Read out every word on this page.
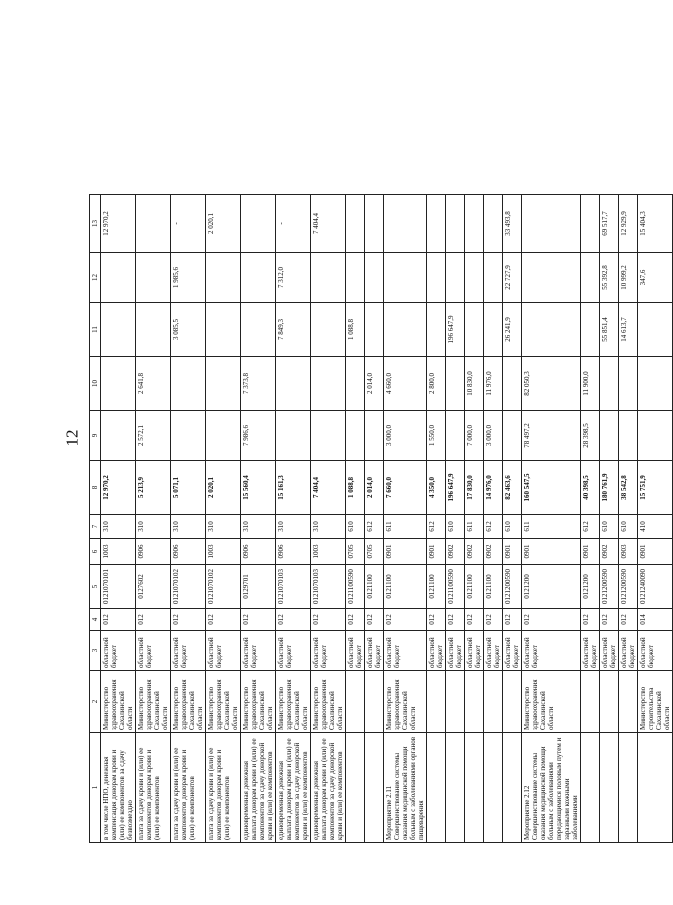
12
1	2	3	4	5	6	7	8	9	10	11	12	13
в том числе НПО, денежная компенсация донорам крови и (или) ее компонентов за сдачу безвозмездно	Министерство здравоохранения Сахалинской области	областной бюджет	012	0121070101	1003	310	12 970,2					12 970,2
плата за сдачу крови и (или) ее компонентов донорам крови и (или) ее компонентов	Министерство здравоохранения Сахалинской области	областной бюджет	012	0127602	0906	310	5 213,9	2 572,1	2 641,8			
плата за сдачу крови и (или) ее компонентов донорам крови и (или) ее компонентов	Министерство здравоохранения Сахалинской области	областной бюджет	012	0121070102	0906	310	5 071,1			3 085,5	1 985,6	-
плата за сдачу крови и (или) ее компонентов донорам крови и (или) ее компонентов	Министерство здравоохранения Сахалинской области	областной бюджет	012	0121070102	1003	310	2 020,1					2 020,1
единовременная денежная выплата донорам крови и (или) ее компонентов за сдачу донорской крови и (или) ее компонентов	Министерство здравоохранения Сахалинской области	областной бюджет	012	0129701	0906	310	15 560,4	7 986,6	7 373,8			
единовременная денежная выплата донорам крови и (или) ее компонентов за сдачу донорской крови и (или) ее компонентов	Министерство здравоохранения Сахалинской области	областной бюджет	012	0121070103	0906	310	15 161,3			7 849,3	7 312,0	-
единовременная денежная выплата донорам крови и (или) ее компонентов за сдачу донорской крови и (или) ее компонентов	Министерство здравоохранения Сахалинской области	областной бюджет	012	0121070103	1003	310	7 404,4					7 404,4
		областной бюджет	012	0121100590	0705	610	1 088,8			1 088,8		
		областной бюджет	012	0121100	0705	612	2 014,0		2 014,0			
Мероприятие 2.11 Совершенствование системы оказания медицинской помощи больным с заболеваниями органов пищеварения	Министерство здравоохранения Сахалинской области	областной бюджет	012	0121100	0901	611	7 660,0	3 000,0	4 660,0			
		областной бюджет	012	0121100	0901	612	4 350,0	1 550,0	2 800,0			
		областной бюджет	012	0121100590	0902	610	196 647,9			196 647,9		
		областной бюджет	012	0121100	0902	611	17 830,0	7 000,0	10 830,0			
		областной бюджет	012	0121100	0902	612	14 976,0	3 000,0	11 976,0			
		областной бюджет	012	0121200590	0901	610	82 463,6			26 241,9	22 727,9	33 493,8
Мероприятие 2.12 Совершенствование системы оказания медицинской помощи больным с заболеваниями передающимися половым путем и заразными кожными заболеваниями	Министерство здравоохранения Сахалинской области	областной бюджет	012	0121200	0901	611	160 547,5	78 497,2	82 050,3			
		областной бюджет	012	0121200	0901	612	40 398,5	28 398,5	11 900,0			
		областной бюджет	012	0121200590	0902	610	180 761,9			55 851,4	55 392,8	69 517,7
		областной бюджет	012	0121200590	0903	610	38 542,8			14 613,7	10 999,2	12 929,9
	Министерство строительства Сахалинской области	областной бюджет	014	0121240090	0901	410	15 751,9				347,6	15 404,3
